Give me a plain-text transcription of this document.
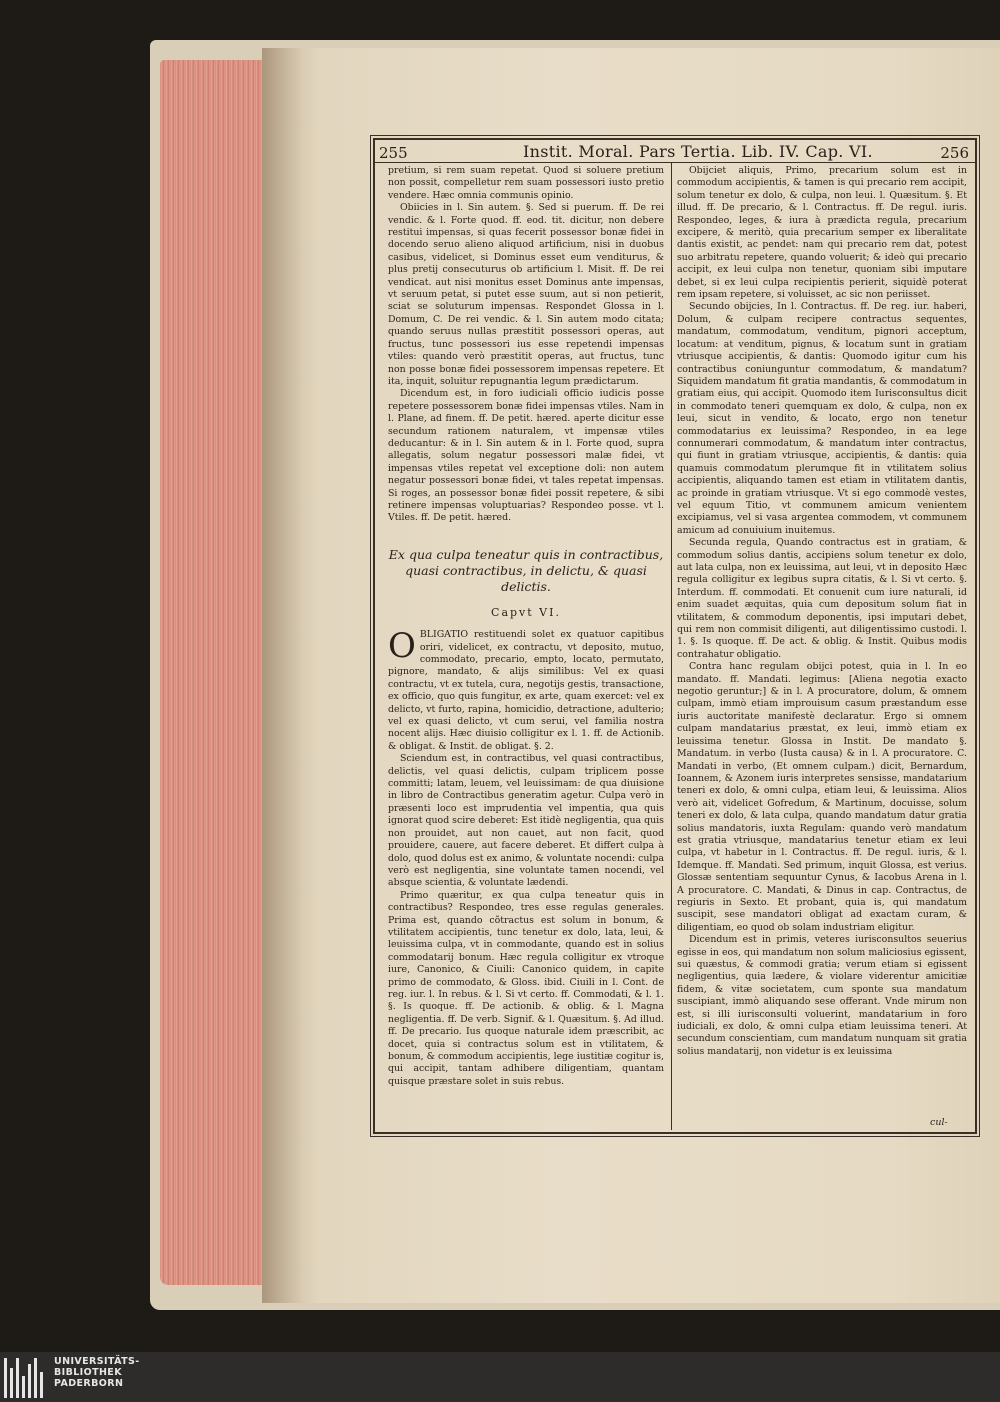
255	Instit. Moral. Pars Tertia. Lib. IV. Cap. VI.	256

pretium, si rem suam repetat. Quod si soluere pretium non possit, compelletur rem suam possessori iusto pretio vendere. Hæc omnia communis opinio.

Obiicies in l. Sin autem. §. Sed si puerum. ff. De rei vendic. & l. Forte quod. ff. eod. tit. dicitur, non debere restitui impensas, si quas fecerit possessor bonæ fidei in docendo seruo alieno aliquod artificium, nisi in duobus casibus, videlicet, si Dominus esset eum venditurus, & plus pretij consecuturus ob artificium l. Misit. ff. De rei vendicat. aut nisi monitus esset Dominus ante impensas, vt seruum petat, si putet esse suum, aut si non petierit, sciat se soluturum impensas. Respondet Glossa in l. Domum, C. De rei vendic. & l. Sin autem modo citata; quando seruus nullas præstitit possessori operas, aut fructus, tunc possessori ius esse repetendi impensas vtiles: quando verò præstitit operas, aut fructus, tunc non posse bonæ fidei possessorem impensas repetere. Et ita, inquit, soluitur repugnantia legum prædictarum.

Dicendum est, in foro iudiciali officio iudicis posse repetere possessorem bonæ fidei impensas vtiles. Nam in l. Plane, ad finem. ff. De petit. hæred. aperte dicitur esse secundum rationem naturalem, vt impensæ vtiles deducantur: & in l. Sin autem & in l. Forte quod, supra allegatis, solum negatur possessori malæ fidei, vt impensas vtiles repetat vel exceptione doli: non autem negatur possessori bonæ fidei, vt tales repetat impensas. Si roges, an possessor bonæ fidei possit repetere, & sibi retinere impensas voluptuarias? Respondeo posse. vt l. Vtiles. ff. De petit. hæred.

Ex qua culpa teneatur quis in contractibus, quasi contractibus, in delictu, & quasi delictis.
Capvt VI.

OBLIGATIO restituendi solet ex quatuor capitibus oriri, videlicet, ex contractu, vt deposito, mutuo, commodato, precario, empto, locato, permutato, pignore, mandato, & alijs similibus: Vel ex quasi contractu, vt ex tutela, cura, negotijs gestis, transactione, ex officio, quo quis fungitur, ex arte, quam exercet: vel ex delicto, vt furto, rapina, homicidio, detractione, adulterio; vel ex quasi delicto, vt cum serui, vel familia nostra nocent alijs. Hæc diuisio colligitur ex l. 1. ff. de Actionib. & obligat. & Instit. de obligat. §. 2.

Sciendum est, in contractibus, vel quasi contractibus, delictis, vel quasi delictis, culpam triplicem posse committi; latam, leuem, vel leuissimam: de qua diuisione in libro de Contractibus generatim agetur. Culpa verò in præsenti loco est imprudentia vel impentia, qua quis ignorat quod scire deberet: Est itidè negligentia, qua quis non prouidet, aut non cauet, aut non facit, quod prouidere, cauere, aut facere deberet. Et differt culpa à dolo, quod dolus est ex animo, & voluntate nocendi: culpa verò est negligentia, sine voluntate tamen nocendi, vel absque scientia, & voluntate lædendi.

Primo quæritur, ex qua culpa teneatur quis in contractibus? Respondeo, tres esse regulas generales. Prima est, quando cõtractus est solum in bonum, & vtilitatem accipientis, tunc tenetur ex dolo, lata, leui, & leuissima culpa, vt in commodante, quando est in solius commodatarij bonum. Hæc regula colligitur ex vtroque iure, Canonico, & Ciuili: Canonico quidem, in capite primo de commodato, & Gloss. ibid. Ciuili in l. Cont. de reg. iur. l. In rebus. & l. Si vt certo. ff. Commodati, & l. 1. §. Is quoque. ff. De actionib. & oblig. & l. Magna negligentia. ff. De verb. Signif. & l. Quæsitum. §. Ad illud. ff. De precario. Ius quoque naturale idem præscribit, ac docet, quia si contractus solum est in vtilitatem, & bonum, & commodum accipientis, lege iustitiæ cogitur is, qui accipit, tantam adhibere diligentiam, quantam quisque præstare solet in suis rebus.

Obijciet aliquis, Primo, precarium solum est in commodum accipientis, & tamen is qui precario rem accipit, solum tenetur ex dolo, & culpa, non leui. l. Quæsitum. §. Et illud. ff. De precario, & l. Contractus. ff. De regul. iuris. Respondeo, leges, & iura à prædicta regula, precarium excipere, & meritò, quia precarium semper ex liberalitate dantis existit, ac pendet: nam qui precario rem dat, potest suo arbitratu repetere, quando voluerit; & ideò qui precario accipit, ex leui culpa non tenetur, quoniam sibi imputare debet, si ex leui culpa recipientis perierit, siquidè poterat rem ipsam repetere, si voluisset, ac sic non periisset.

Secundo obijcies, In l. Contractus. ff. De reg. iur. haberi, Dolum, & culpam recipere contractus sequentes, mandatum, commodatum, venditum, pignori acceptum, locatum: at venditum, pignus, & locatum sunt in gratiam vtriusque accipientis, & dantis: Quomodo igitur cum his contractibus coniunguntur commodatum, & mandatum? Siquidem mandatum fit gratia mandantis, & commodatum in gratiam eius, qui accipit. Quomodo item Iurisconsultus dicit in commodato teneri quemquam ex dolo, & culpa, non ex leui, sicut in vendito, & locato, ergo non tenetur commodatarius ex leuissima? Respondeo, in ea lege connumerari commodatum, & mandatum inter contractus, qui fiunt in gratiam vtriusque, accipientis, & dantis: quia quamuis commodatum plerumque fit in vtilitatem solius accipientis, aliquando tamen est etiam in vtilitatem dantis, ac proinde in gratiam vtriusque. Vt si ego commodè vestes, vel equum Titio, vt communem amicum venientem excipiamus, vel si vasa argentea commodem, vt communem amicum ad conuiuium inuitemus.

Secunda regula, Quando contractus est in gratiam, & commodum solius dantis, accipiens solum tenetur ex dolo, aut lata culpa, non ex leuissima, aut leui, vt in deposito Hæc regula colligitur ex legibus supra citatis, & l. Si vt certo. §. Interdum. ff. commodati. Et conuenit cum iure naturali, id enim suadet æquitas, quia cum depositum solum fiat in vtilitatem, & commodum deponentis, ipsi imputari debet, qui rem non commisit diligenti, aut diligentissimo custodi. l. 1. §. Is quoque. ff. De act. & oblig. & Instit. Quibus modis contrahatur obligatio.

Contra hanc regulam obijci potest, quia in l. In eo mandato. ff. Mandati. legimus: [Aliena negotia exacto negotio geruntur;] & in l. A procuratore, dolum, & omnem culpam, immò etiam improuisum casum præstandum esse iuris auctoritate manifestè declaratur. Ergo si omnem culpam mandatarius præstat, ex leui, immò etiam ex leuissima tenetur. Glossa in Instit. De mandato §. Mandatum. in verbo (Iusta causa) & in l. A procuratore. C. Mandati in verbo, (Et omnem culpam.) dicit, Bernardum, Ioannem, & Azonem iuris interpretes sensisse, mandatarium teneri ex dolo, & omni culpa, etiam leui, & leuissima. Alios verò ait, videlicet Gofredum, & Martinum, docuisse, solum teneri ex dolo, & lata culpa, quando mandatum datur gratia solius mandatoris, iuxta Regulam: quando verò mandatum est gratia vtriusque, mandatarius tenetur etiam ex leui culpa, vt habetur in l. Contractus. ff. De regul. iuris, & l. Idemque. ff. Mandati. Sed primum, inquit Glossa, est verius. Glossæ sententiam sequuntur Cynus, & Iacobus Arena in l. A procuratore. C. Mandati, & Dinus in cap. Contractus, de regiuris in Sexto. Et probant, quia is, qui mandatum suscipit, sese mandatori obligat ad exactam curam, & diligentiam, eo quod ob solam industriam eligitur.

Dicendum est in primis, veteres iurisconsultos seuerius egisse in eos, qui mandatum non solum maliciosius egissent, sui quæstus, & commodi gratia; verum etiam si egissent negligentius, quia lædere, & violare viderentur amicitiæ fidem, & vitæ societatem, cum sponte sua mandatum suscipiant, immò aliquando sese offerant. Vnde mirum non est, si illi iurisconsulti voluerint, mandatarium in foro iudiciali, ex dolo, & omni culpa etiam leuissima teneri. At secundum conscientiam, cum mandatum nunquam sit gratia solius mandatarij, non videtur is ex leuissima

cul-
UNIVERSITÄTS-
BIBLIOTHEK
PADERBORN
